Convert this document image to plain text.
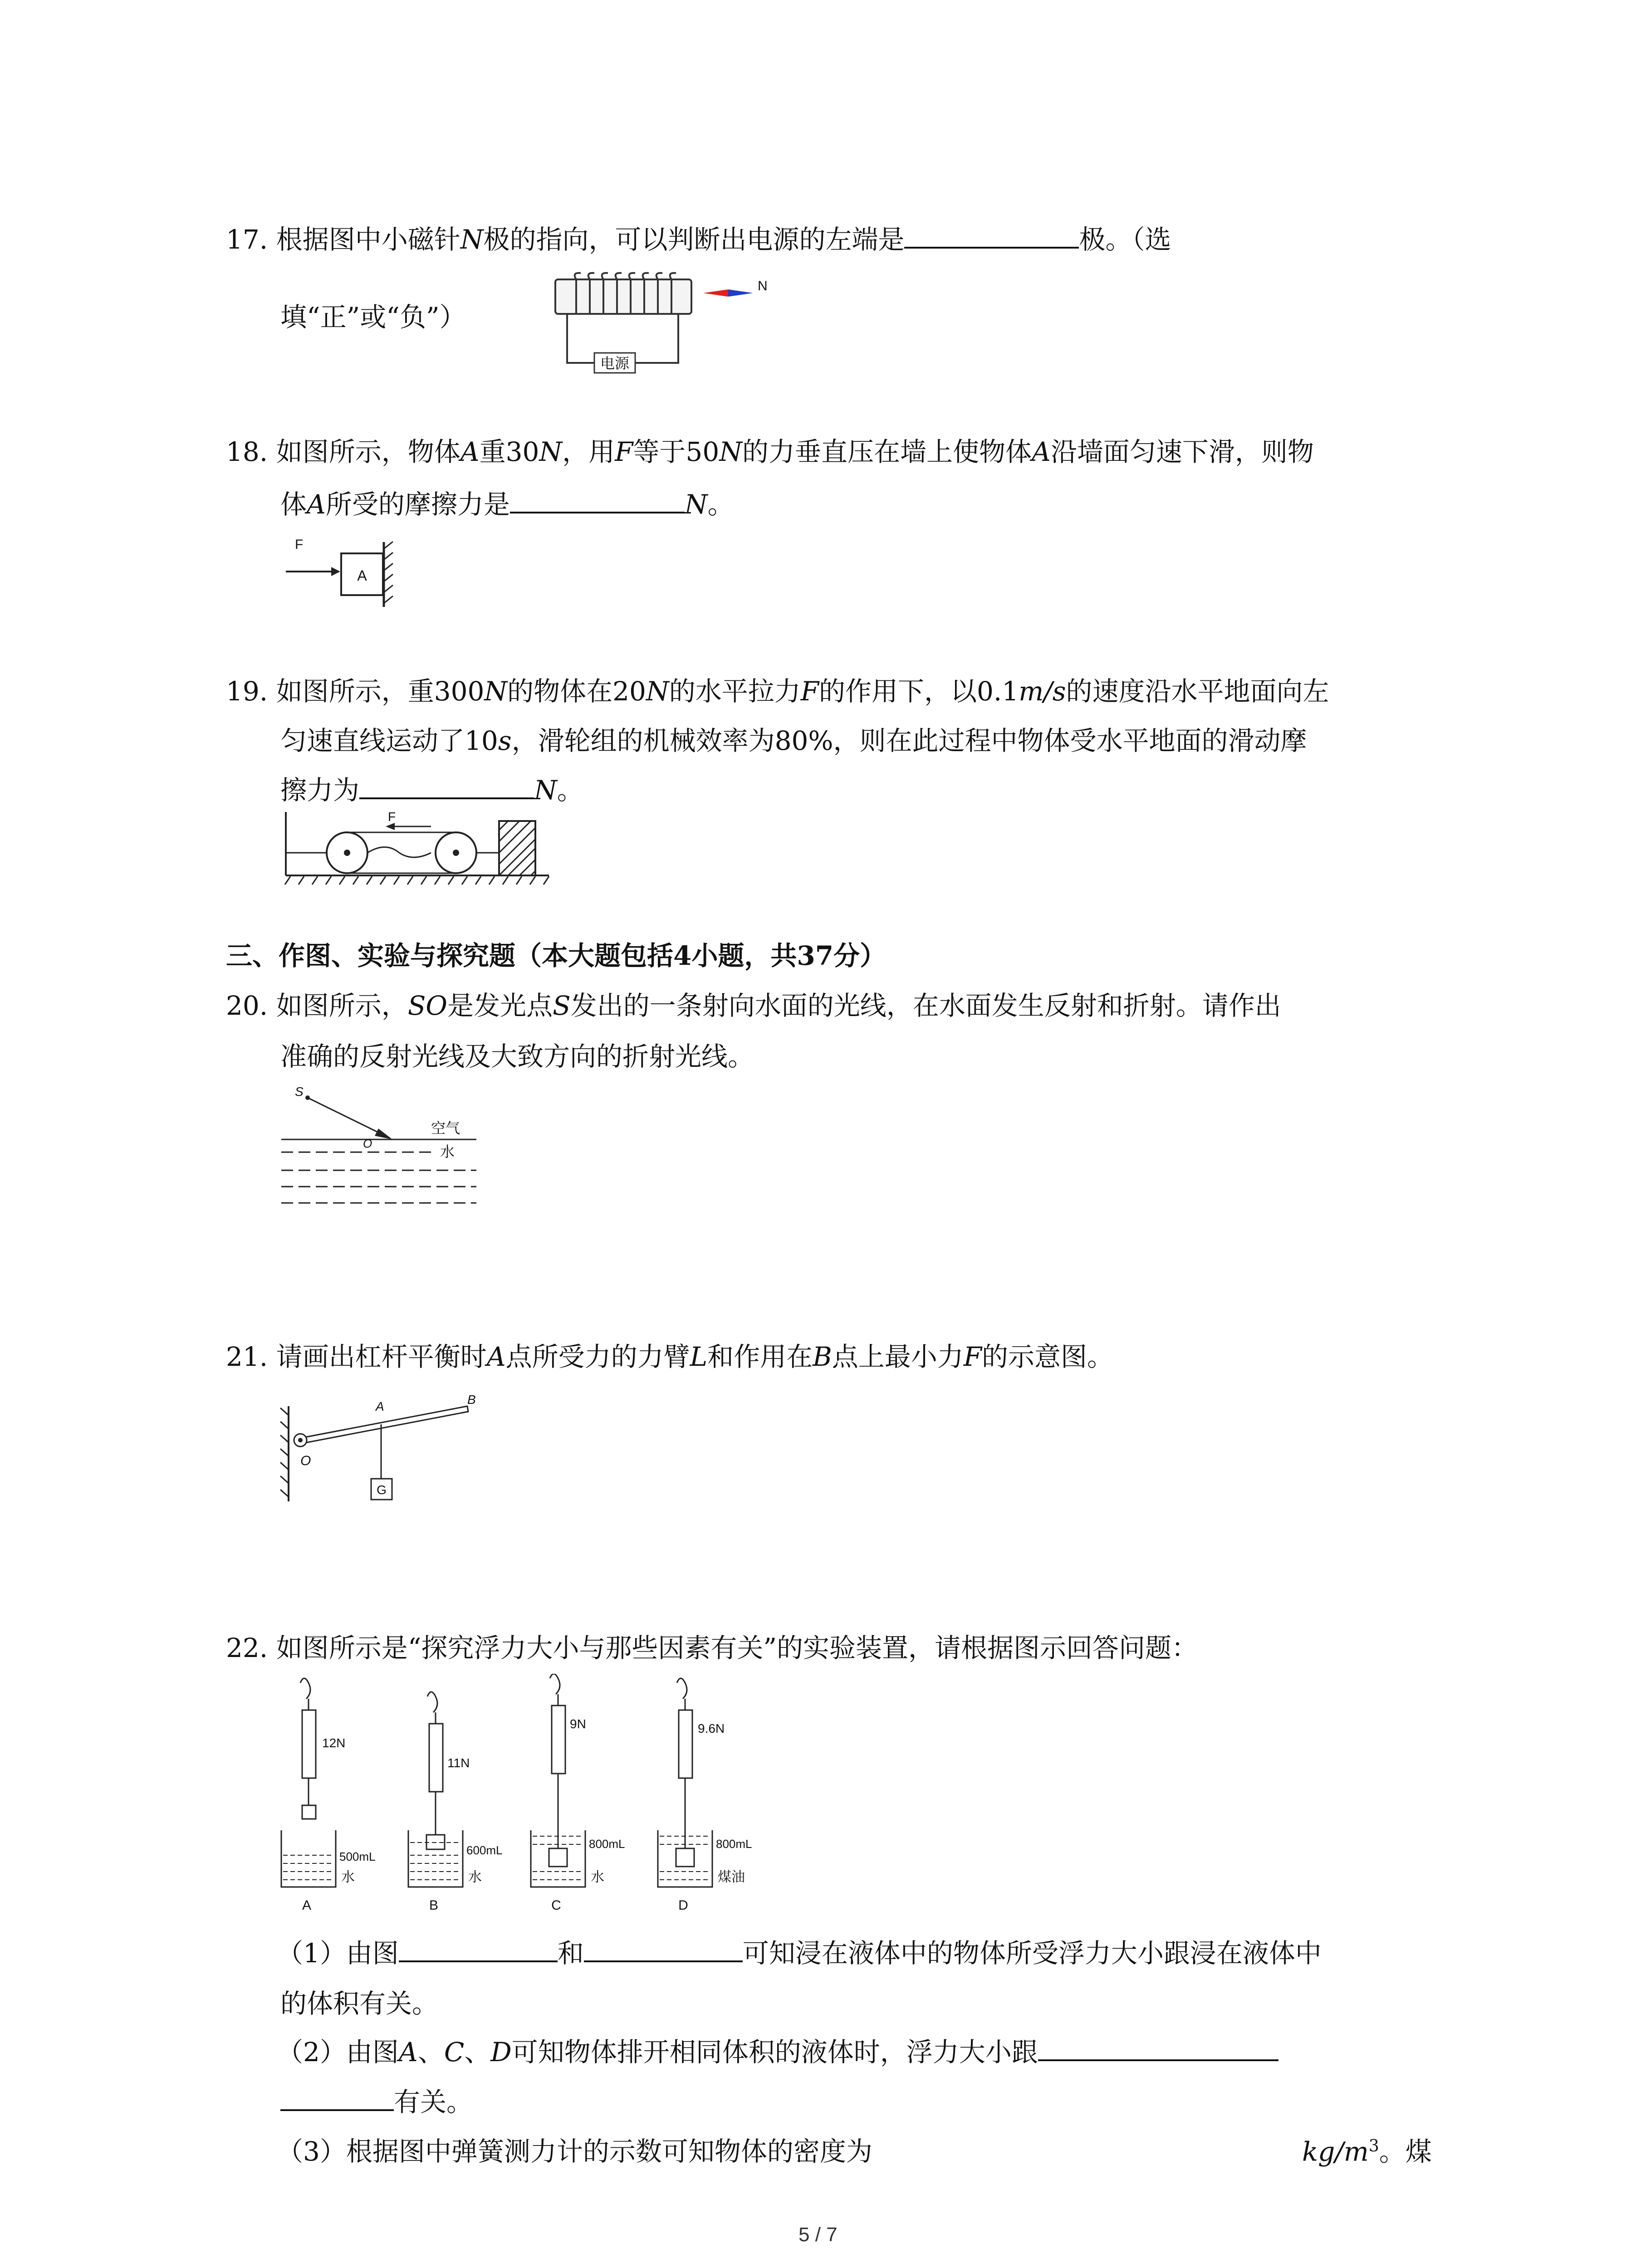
17. 根据图中小磁针N极的指向，可以判断出电源的左端是	极。（选
填“正”或“负”）
电源
N
18. 如图所示，物体A重30N，用F等于50N的力垂直压在墙上使物体A沿墙面匀速下滑，则物
体A所受的摩擦力是	N。
F
A
19. 如图所示，重300N的物体在20N的水平拉力F的作用下，以0.1m/s的速度沿水平地面向左
匀速直线运动了10s，滑轮组的机械效率为80%，则在此过程中物体受水平地面的滑动摩
擦力为	N。
F
三、作图、实验与探究题（本大题包括4小题，共37分）
20. 如图所示，SO是发光点S发出的一条射向水面的光线，在水面发生反射和折射。请作出
准确的反射光线及大致方向的折射光线。
S
空气
O	水
21. 请画出杠杆平衡时A点所受力的力臂L和作用在B点上最小力F的示意图。
O
A	B
G
22. 如图所示是“探究浮力大小与那些因素有关”的实验装置，请根据图示回答问题：
12N
500mL
水
A
11N
600mL
水
B
9N
800mL
水
C
9.6N
800mL
煤油
D
（1）由图	和	可知浸在液体中的物体所受浮力大小跟浸在液体中
的体积有关。
（2）由图A、C、D可知物体排开相同体积的液体时，浮力大小跟
有关。
（3）根据图中弹簧测力计的示数可知物体的密度为	$kg/m^3$。煤
5 / 7
